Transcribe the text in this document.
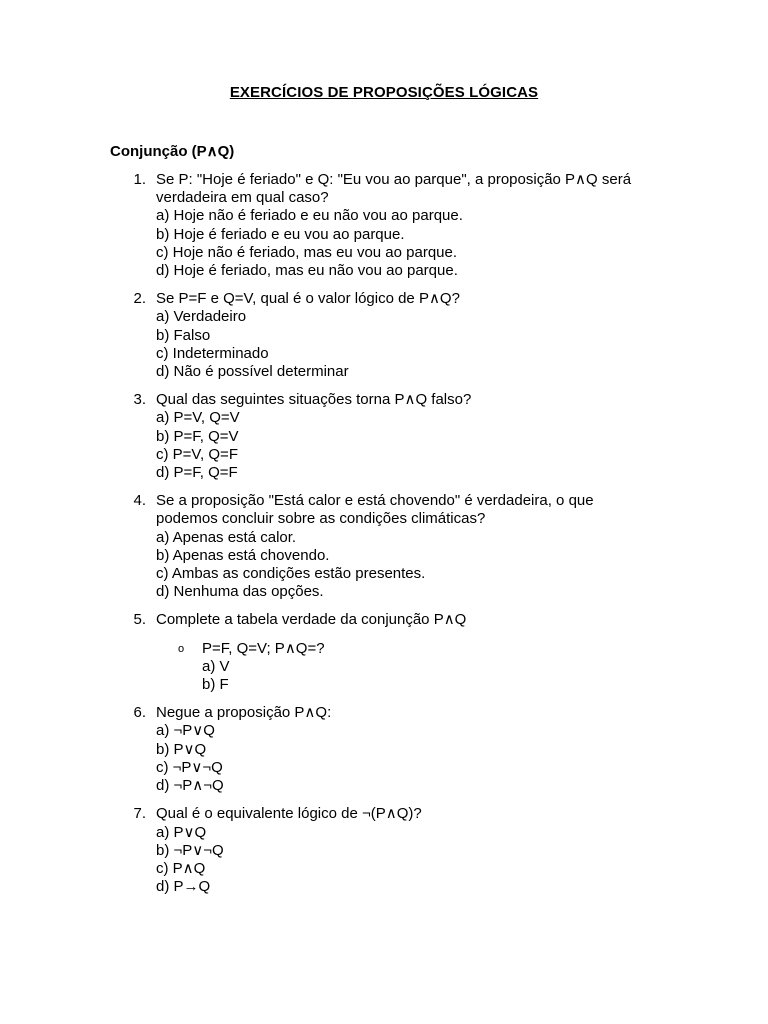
EXERCÍCIOS DE PROPOSIÇÕES LÓGICAS
Conjunção (P∧Q)
1. Se P: "Hoje é feriado" e Q: "Eu vou ao parque", a proposição P∧Q será verdadeira em qual caso?
a) Hoje não é feriado e eu não vou ao parque.
b) Hoje é feriado e eu vou ao parque.
c) Hoje não é feriado, mas eu vou ao parque.
d) Hoje é feriado, mas eu não vou ao parque.
2. Se P=F e Q=V, qual é o valor lógico de P∧Q?
a) Verdadeiro
b) Falso
c) Indeterminado
d) Não é possível determinar
3. Qual das seguintes situações torna P∧Q falso?
a) P=V, Q=V
b) P=F, Q=V
c) P=V, Q=F
d) P=F, Q=F
4. Se a proposição "Está calor e está chovendo" é verdadeira, o que podemos concluir sobre as condições climáticas?
a) Apenas está calor.
b) Apenas está chovendo.
c) Ambas as condições estão presentes.
d) Nenhuma das opções.
5. Complete a tabela verdade da conjunção P∧Q
o P=F, Q=V; P∧Q=?
a) V
b) F
6. Negue a proposição P∧Q:
a) ¬P∨Q
b) P∨Q
c) ¬P∨¬Q
d) ¬P∧¬Q
7. Qual é o equivalente lógico de ¬(P∧Q)?
a) P∨Q
b) ¬P∨¬Q
c) P∧Q
d) P→Q
